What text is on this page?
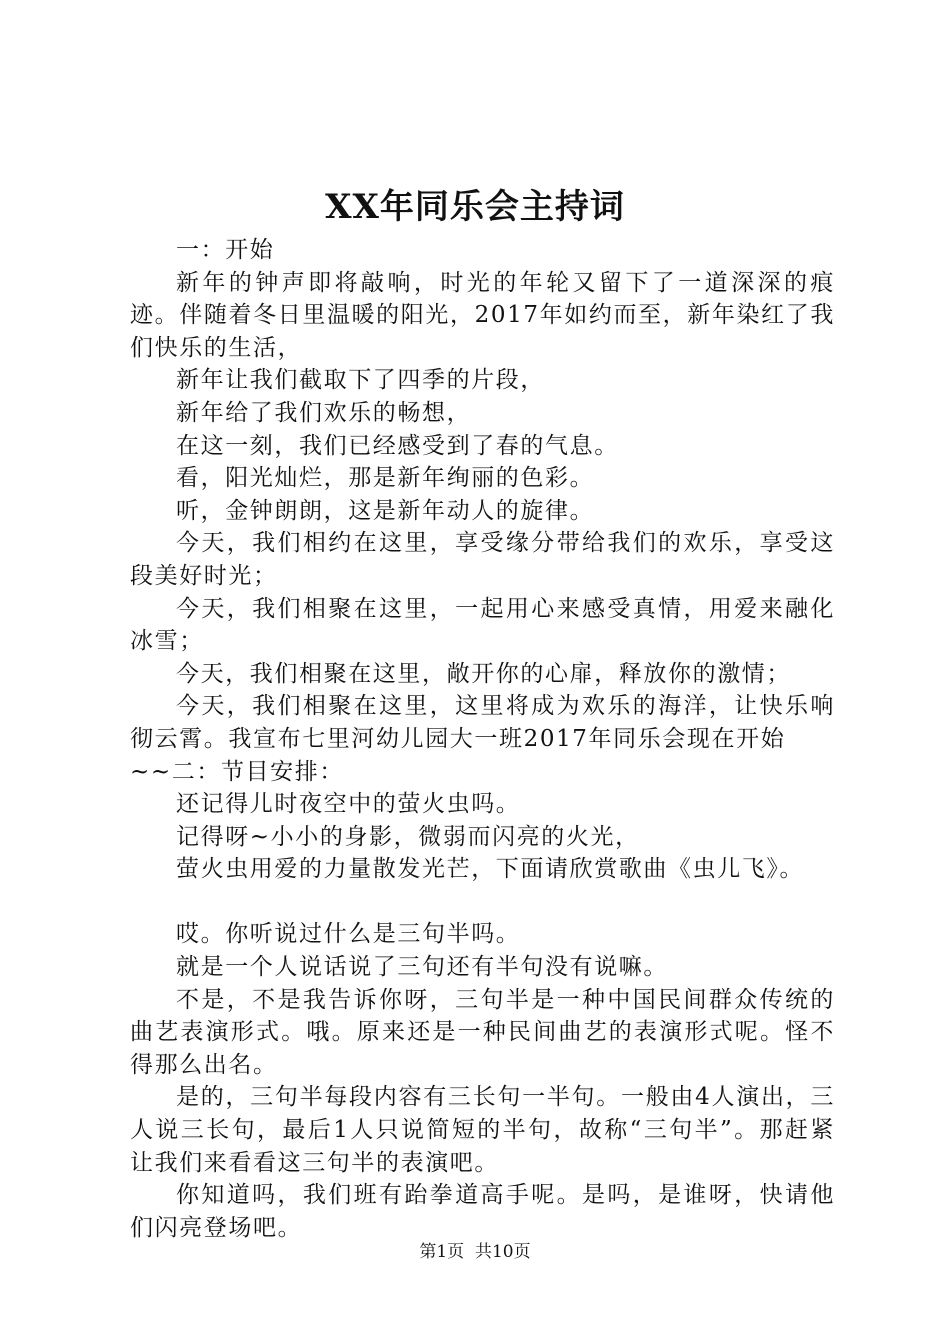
XX年同乐会主持词

一：开始

新年的钟声即将敲响，时光的年轮又留下了一道深深的痕迹。伴随着冬日里温暖的阳光，2017年如约而至，新年染红了我们快乐的生活，

新年让我们截取下了四季的片段，

新年给了我们欢乐的畅想，

在这一刻，我们已经感受到了春的气息。

看，阳光灿烂，那是新年绚丽的色彩。

听，金钟朗朗，这是新年动人的旋律。

今天，我们相约在这里，享受缘分带给我们的欢乐，享受这段美好时光；

今天，我们相聚在这里，一起用心来感受真情，用爱来融化冰雪；

今天，我们相聚在这里，敞开你的心扉，释放你的激情；

今天，我们相聚在这里，这里将成为欢乐的海洋，让快乐响彻云霄。我宣布七里河幼儿园大一班2017年同乐会现在开始

~~二：节目安排：

还记得儿时夜空中的萤火虫吗。

记得呀~小小的身影，微弱而闪亮的火光，

萤火虫用爱的力量散发光芒，下面请欣赏歌曲《虫儿飞》。

哎。你听说过什么是三句半吗。

就是一个人说话说了三句还有半句没有说嘛。

不是，不是我告诉你呀，三句半是一种中国民间群众传统的曲艺表演形式。哦。原来还是一种民间曲艺的表演形式呢。怪不得那么出名。

是的，三句半每段内容有三长句一半句。一般由4人演出，三人说三长句，最后1人只说简短的半句，故称“三句半”。那赶紧让我们来看看这三句半的表演吧。

你知道吗，我们班有跆拳道高手呢。是吗，是谁呀，快请他们闪亮登场吧。

第1页  共10页
